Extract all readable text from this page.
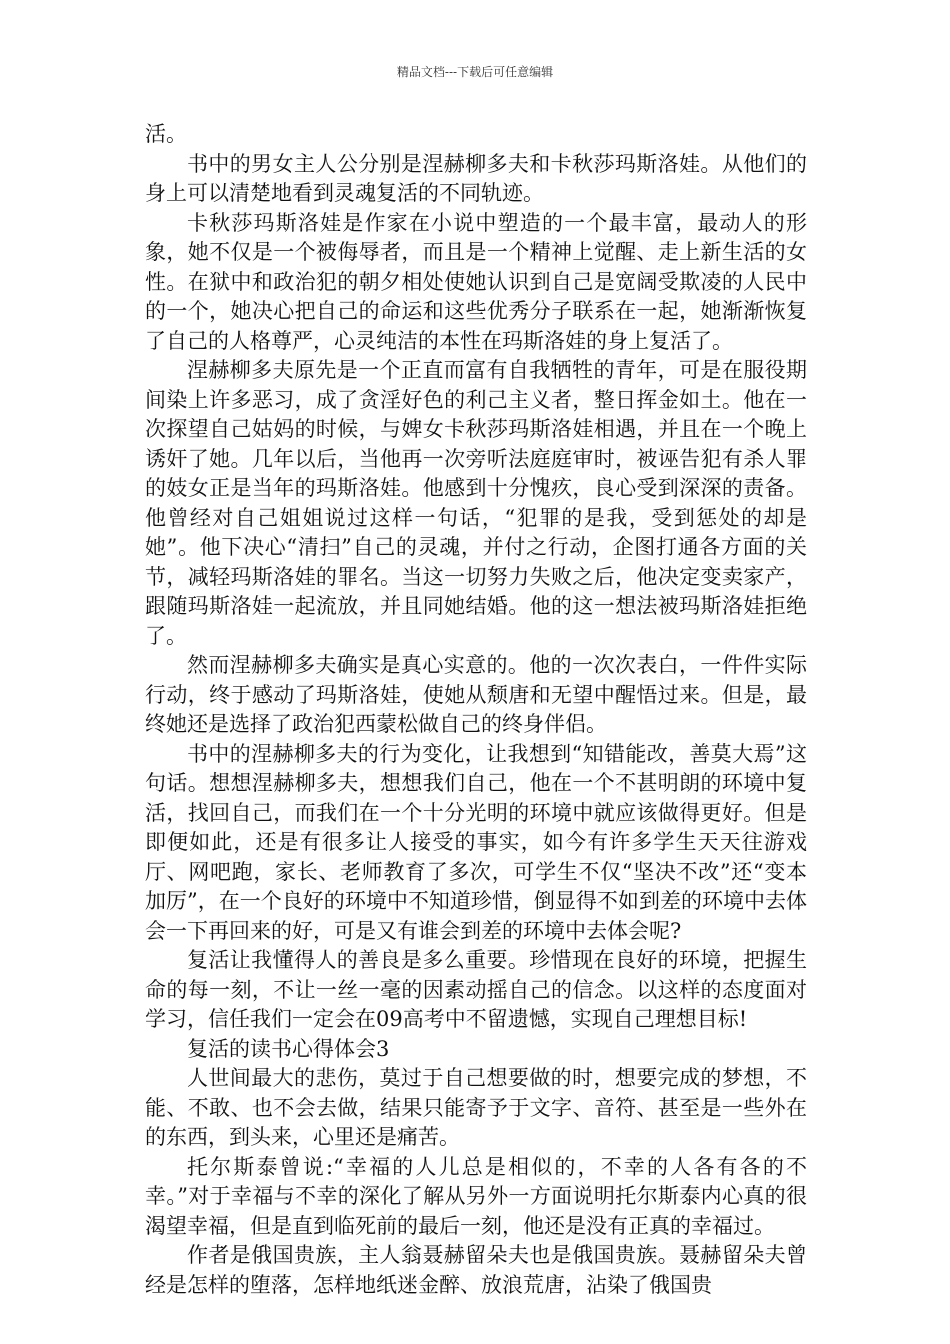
精品文档---下载后可任意编辑

活。

书中的男女主人公分别是涅赫柳多夫和卡秋莎玛斯洛娃。从他们的身上可以清楚地看到灵魂复活的不同轨迹。

卡秋莎玛斯洛娃是作家在小说中塑造的一个最丰富，最动人的形象，她不仅是一个被侮辱者，而且是一个精神上觉醒、走上新生活的女性。在狱中和政治犯的朝夕相处使她认识到自己是宽阔受欺凌的人民中的一个，她决心把自己的命运和这些优秀分子联系在一起，她渐渐恢复了自己的人格尊严，心灵纯洁的本性在玛斯洛娃的身上复活了。

涅赫柳多夫原先是一个正直而富有自我牺牲的青年，可是在服役期间染上许多恶习，成了贪淫好色的利己主义者，整日挥金如土。他在一次探望自己姑妈的时候，与婢女卡秋莎玛斯洛娃相遇，并且在一个晚上诱奸了她。几年以后，当他再一次旁听法庭庭审时，被诬告犯有杀人罪的妓女正是当年的玛斯洛娃。他感到十分愧疚，良心受到深深的责备。他曾经对自己姐姐说过这样一句话，“犯罪的是我，受到惩处的却是她”。他下决心“清扫”自己的灵魂，并付之行动，企图打通各方面的关节，减轻玛斯洛娃的罪名。当这一切努力失败之后，他决定变卖家产，跟随玛斯洛娃一起流放，并且同她结婚。他的这一想法被玛斯洛娃拒绝了。

然而涅赫柳多夫确实是真心实意的。他的一次次表白，一件件实际行动，终于感动了玛斯洛娃，使她从颓唐和无望中醒悟过来。但是，最终她还是选择了政治犯西蒙松做自己的终身伴侣。

书中的涅赫柳多夫的行为变化，让我想到“知错能改，善莫大焉”这句话。想想涅赫柳多夫，想想我们自己，他在一个不甚明朗的环境中复活，找回自己，而我们在一个十分光明的环境中就应该做得更好。但是即便如此，还是有很多让人接受的事实，如今有许多学生天天往游戏厅、网吧跑，家长、老师教育了多次，可学生不仅“坚决不改”还“变本加厉”，在一个良好的环境中不知道珍惜，倒显得不如到差的环境中去体会一下再回来的好，可是又有谁会到差的环境中去体会呢?

复活让我懂得人的善良是多么重要。珍惜现在良好的环境，把握生命的每一刻，不让一丝一毫的因素动摇自己的信念。以这样的态度面对学习，信任我们一定会在09高考中不留遗憾，实现自己理想目标!

复活的读书心得体会3

人世间最大的悲伤，莫过于自己想要做的时，想要完成的梦想，不能、不敢、也不会去做，结果只能寄予于文字、音符、甚至是一些外在的东西，到头来，心里还是痛苦。

托尔斯泰曾说:“幸福的人儿总是相似的，不幸的人各有各的不幸。”对于幸福与不幸的深化了解从另外一方面说明托尔斯泰内心真的很渴望幸福，但是直到临死前的最后一刻，他还是没有正真的幸福过。

作者是俄国贵族，主人翁聂赫留朵夫也是俄国贵族。聂赫留朵夫曾经是怎样的堕落，怎样地纸迷金醉、放浪荒唐，沾染了俄国贵
